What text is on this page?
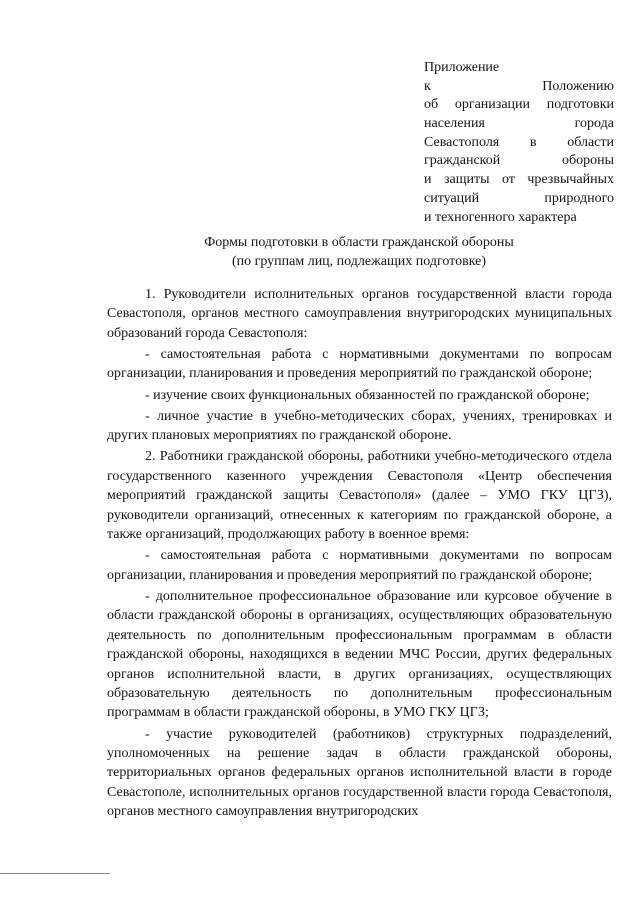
Приложение
к Положению
об организации подготовки
населения города
Севастополя в области
гражданской обороны
и защиты от чрезвычайных
ситуаций природного
и техногенного характера
Формы подготовки в области гражданской обороны
(по группам лиц, подлежащих подготовке)

1. Руководители исполнительных органов государственной власти города Севастополя, органов местного самоуправления внутригородских муниципальных образований города Севастополя:

- самостоятельная работа с нормативными документами по вопросам организации, планирования и проведения мероприятий по гражданской обороне;

- изучение своих функциональных обязанностей по гражданской обороне;

- личное участие в учебно-методических сборах, учениях, тренировках и других плановых мероприятиях по гражданской обороне.

2. Работники гражданской обороны, работники учебно-методического отдела государственного казенного учреждения Севастополя «Центр обеспечения мероприятий гражданской защиты Севастополя» (далее – УМО ГКУ ЦГЗ), руководители организаций, отнесенных к категориям по гражданской обороне, а также организаций, продолжающих работу в военное время:

- самостоятельная работа с нормативными документами по вопросам организации, планирования и проведения мероприятий по гражданской обороне;

- дополнительное профессиональное образование или курсовое обучение в области гражданской обороны в организациях, осуществляющих образовательную деятельность по дополнительным профессиональным программам в области гражданской обороны, находящихся в ведении МЧС России, других федеральных органов исполнительной власти, в других организациях, осуществляющих образовательную деятельность по дополнительным профессиональным программам в области гражданской обороны, в УМО ГКУ ЦГЗ;

- участие руководителей (работников) структурных подразделений, уполномоченных на решение задач в области гражданской обороны, территориальных органов федеральных органов исполнительной власти в городе Севастополе, исполнительных органов государственной власти города Севастополя, органов местного самоуправления внутригородских
